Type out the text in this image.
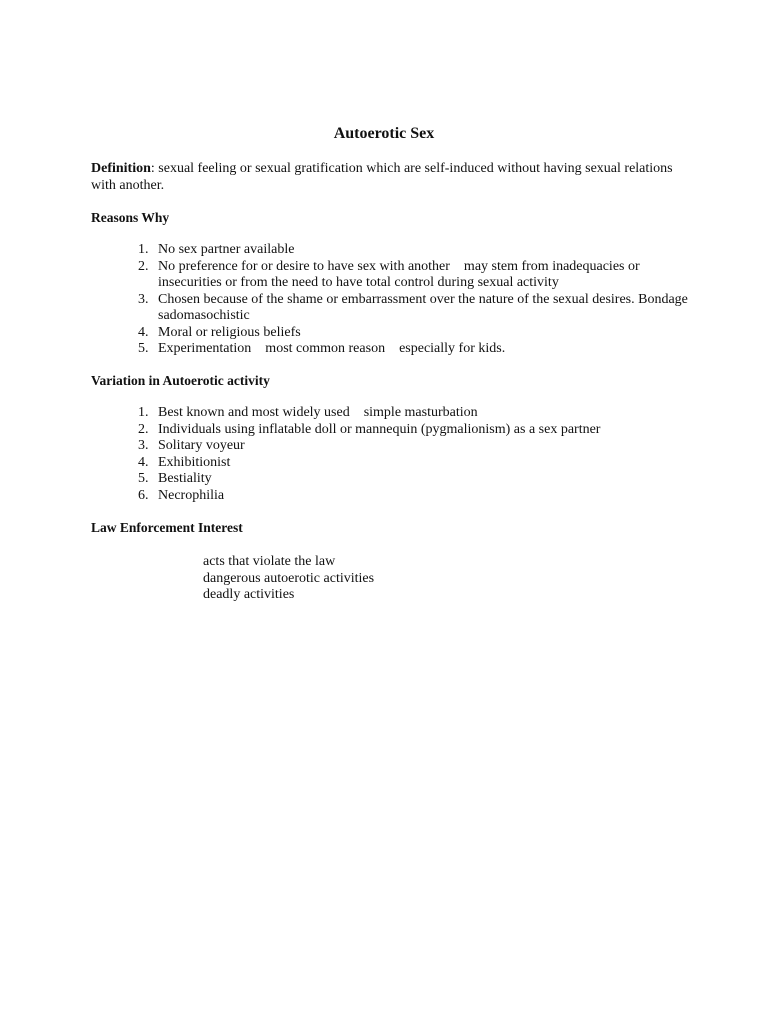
Autoerotic Sex
Definition: sexual feeling or sexual gratification which are self-induced without having sexual relations with another.
Reasons Why
1. No sex partner available
2. No preference for or desire to have sex with another    may stem from inadequacies or insecurities or from the need to have total control during sexual activity
3. Chosen because of the shame or embarrassment over the nature of the sexual desires. Bondage    sadomasochistic
4. Moral or religious beliefs
5. Experimentation    most common reason    especially for kids.
Variation in Autoerotic activity
1. Best known and most widely used    simple masturbation
2. Individuals using inflatable doll or mannequin (pygmalionism) as a sex partner
3. Solitary voyeur
4. Exhibitionist
5. Bestiality
6. Necrophilia
Law Enforcement Interest
acts that violate the law
dangerous autoerotic activities
deadly activities
